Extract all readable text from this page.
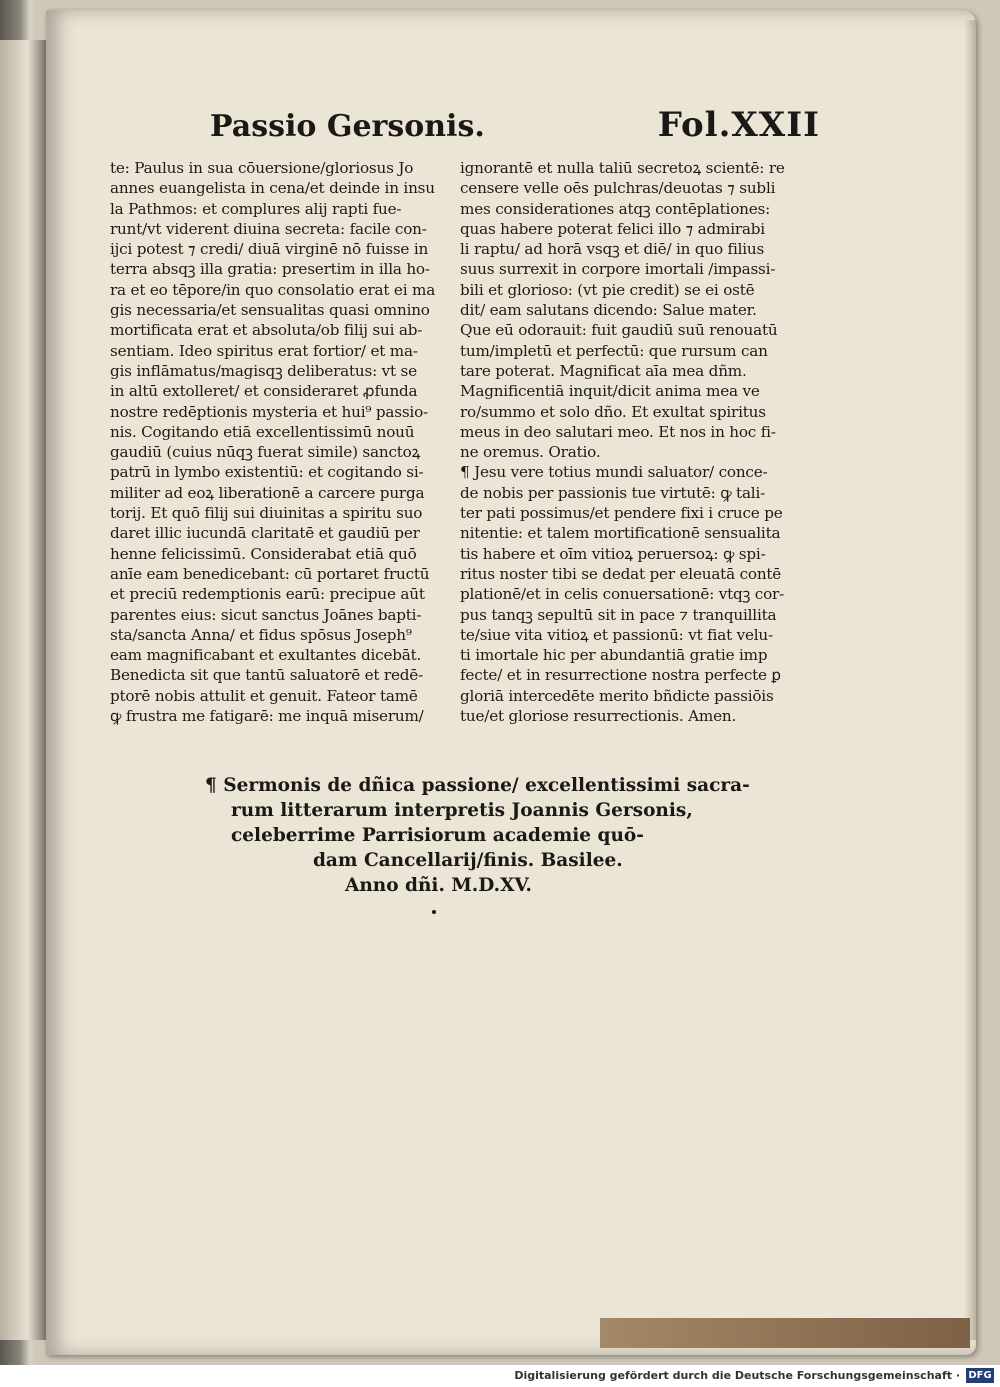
Passio Gersonis.	Fol.XXII

te: Paulus in sua cōuersione/gloriosus Jo

annes euangelista in cena/et deinde in insu

la Pathmos: et complures alij rapti fue-

runt/vt viderent diuina secreta: facile con-

ijci potest ⁊ credi/ diuā virginē nō fuisse in

terra absqꝫ illa gratia: presertim in illa ho-

ra et eo tēpore/in quo consolatio erat ei ma

gis necessaria/et sensualitas quasi omnino

mortificata erat et absoluta/ob filij sui ab-

sentiam. Ideo spiritus erat fortior/ et ma-

gis inflāmatus/magisqꝫ deliberatus: vt se

in altū extolleret/ et consideraret ꝓfunda

nostre redēptionis mysteria et hui⁹ passio-

nis. Cogitando etiā excellentissimū nouū

gaudiū (cuius nūqꝫ fuerat simile) sanctoꝝ

patrū in lymbo existentiū: et cogitando si-

militer ad eoꝝ liberationē a carcere purga

torij. Et quō filij sui diuinitas a spiritu suo

daret illic iucundā claritatē et gaudiū per

henne felicissimū. Considerabat etiā quō

anīe eam benedicebant: cū portaret fructū

et preciū redemptionis earū: precipue aūt

parentes eius: sicut sanctus Joānes bapti-

sta/sancta Anna/ et fidus spōsus Joseph⁹

eam magnificabant et exultantes dicebāt.

Benedicta sit que tantū saluatorē et redē-

ptorē nobis attulit et genuit. Fateor tamē

ꝙ frustra me fatigarē: me inquā miserum/

ignorantē et nulla taliū secretoꝝ scientē: re

censere velle oēs pulchras/deuotas ⁊ subli

mes considerationes atqꝫ contēplationes:

quas habere poterat felici illo ⁊ admirabi

li raptu/ ad horā vsqꝫ et diē/ in quo filius

suus surrexit in corpore imortali /impassi-

bili et glorioso: (vt pie credit) se ei ostē

dit/ eam salutans dicendo: Salue mater.

Que eū odorauit: fuit gaudiū suū renouatū

tum/impletū et perfectū: que rursum can

tare poterat. Magnificat aīa mea dñm.

Magnificentiā inquit/dicit anima mea ve

ro/summo et solo dño. Et exultat spiritus

meus in deo salutari meo. Et nos in hoc fi-

ne oremus. Oratio.

¶ Jesu vere totius mundi saluator/ conce-

de nobis per passionis tue virtutē: ꝙ tali-

ter pati possimus/et pendere fixi i cruce pe

nitentie: et talem mortificationē sensualita

tis habere et oīm vitioꝝ peruersoꝝ: ꝙ spi-

ritus noster tibi se dedat per eleuatā contē

plationē/et in celis conuersationē: vtqꝫ cor-

pus tanqꝫ sepultū sit in pace ⁊ tranquillita

te/siue vita vitioꝝ et passionū: vt fiat velu-

ti imortale hic per abundantiā gratie imp

fecte/ et in resurrectione nostra perfecte ꝑ

gloriā intercedēte merito bñdicte passiōis

tue/et gloriose resurrectionis. Amen.

¶ Sermonis de dñica passione/ excellentissimi sacra-

rum litterarum interpretis Joannis Gersonis,

celeberrime Parrisiorum academie quō-

dam Cancellarij/finis. Basilee.

Anno dñi. M.D.XV.

Digitalisierung gefördert durch die Deutsche Forschungsgemeinschaft · DFG
